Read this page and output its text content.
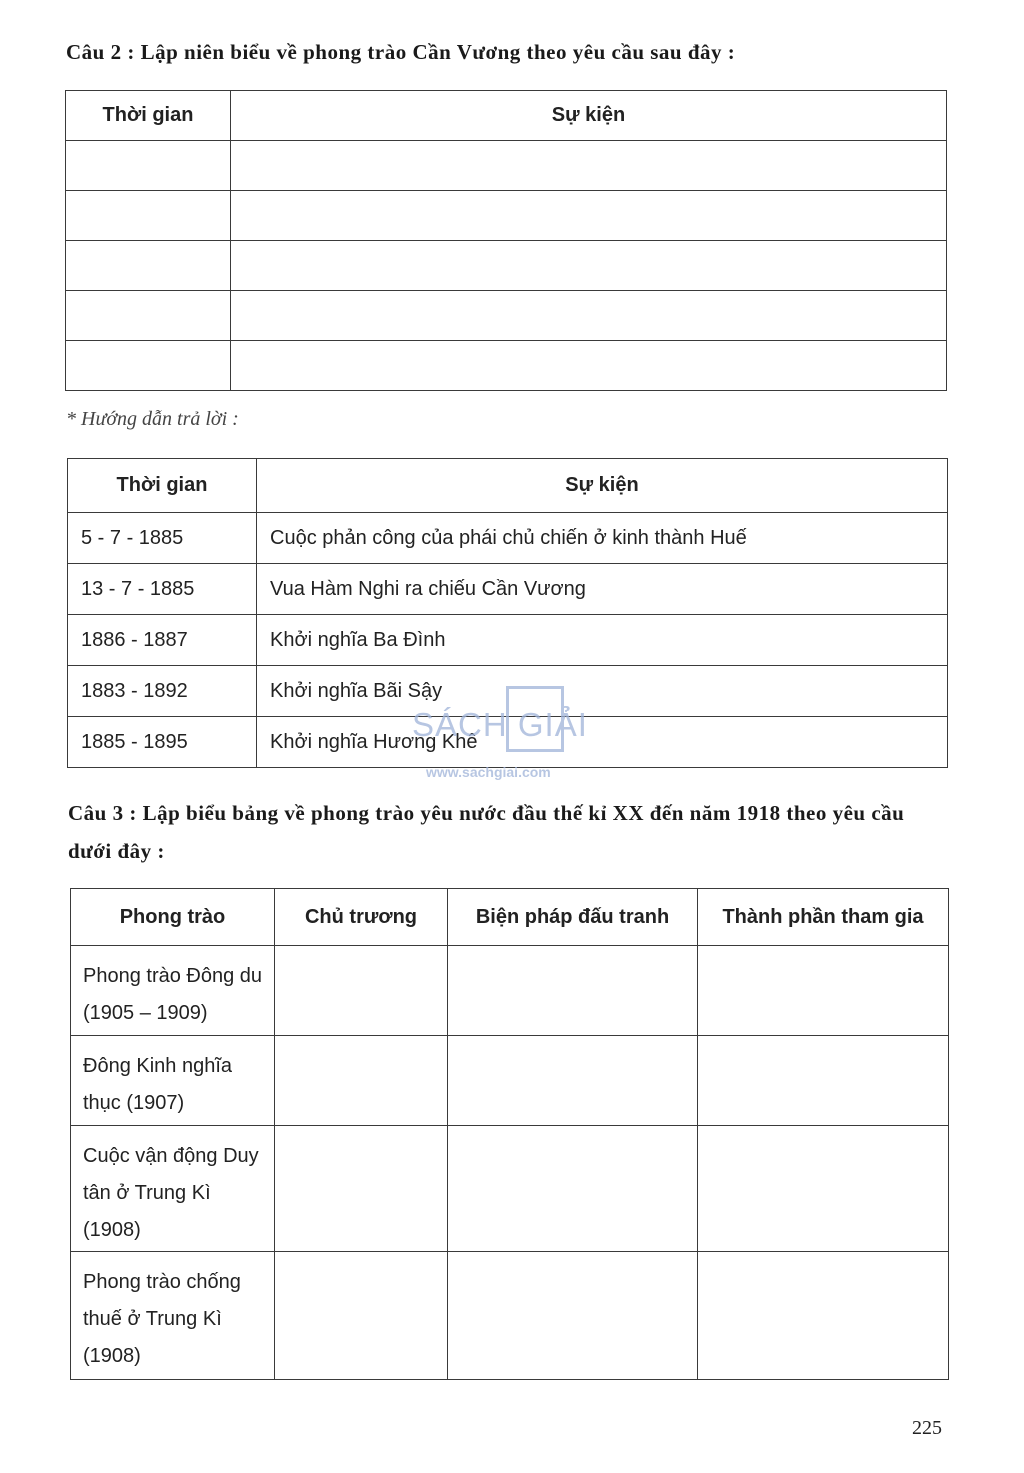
Câu 2 : Lập niên biểu về phong trào Cần Vương theo yêu cầu sau đây :

Thời gian	Sự kiện

* Hướng dẫn trả lời :

Thời gian	Sự kiện
5 - 7 - 1885	Cuộc phản công của phái chủ chiến ở kinh thành Huế
13 - 7 - 1885	Vua Hàm Nghi ra chiếu Cần Vương
1886 - 1887	Khởi nghĩa Ba Đình
1883 - 1892	Khởi nghĩa Bãi Sậy
1885 - 1895	Khởi nghĩa Hương Khê

SÁCH GIẢI

www.sachgiai.com

Câu 3 : Lập biểu bảng về phong trào yêu nước đầu thế kỉ XX đến năm 1918 theo yêu cầu dưới đây :

Phong trào	Chủ trương	Biện pháp đấu tranh	Thành phần tham gia
Phong trào Đông du (1905 – 1909)			
Đông Kinh nghĩa thục (1907)			
Cuộc vận động Duy tân ở Trung Kì (1908)			
Phong trào chống thuế ở Trung Kì (1908)			

225
